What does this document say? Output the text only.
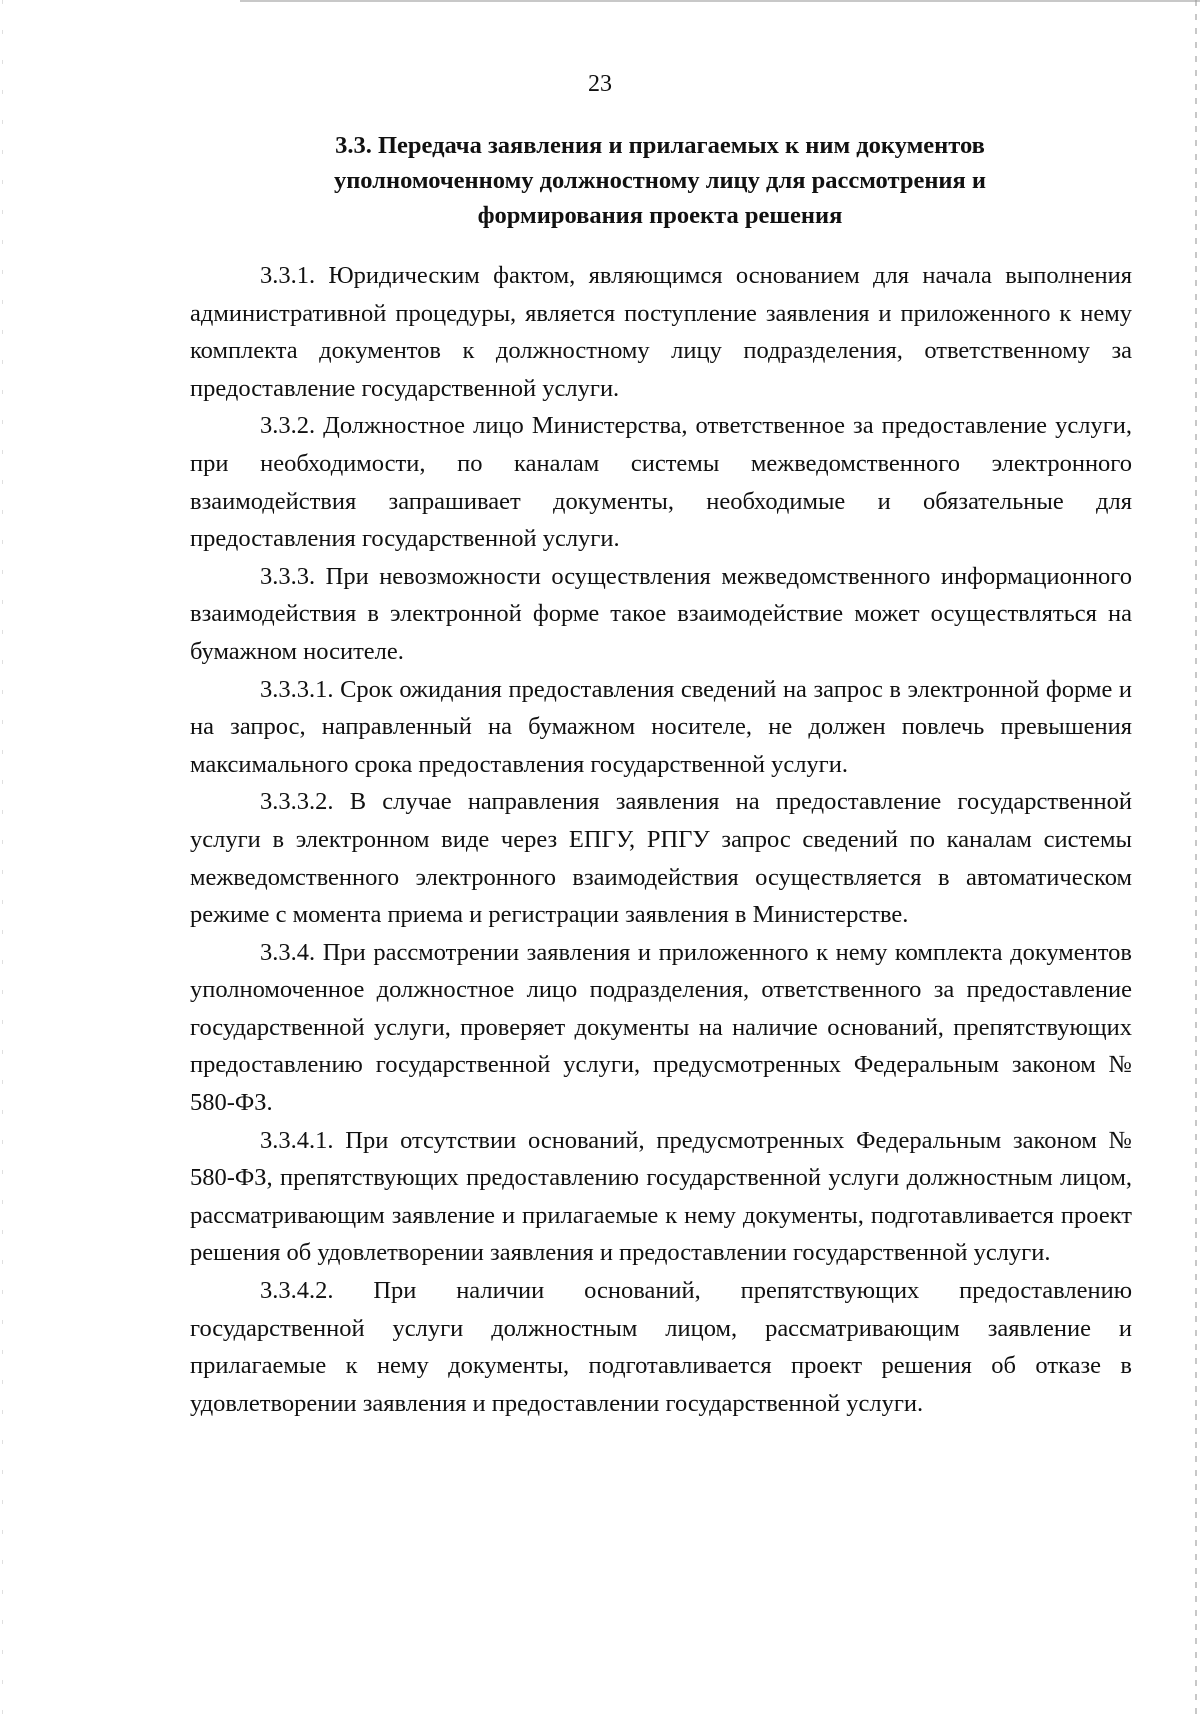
23
3.3. Передача заявления и прилагаемых к ним документов
уполномоченному должностному лицу для рассмотрения и
формирования проекта решения

3.3.1. Юридическим фактом, являющимся основанием для начала выполнения административной процедуры, является поступление заявления и приложенного к нему комплекта документов к должностному лицу подразделения, ответственному за предоставление государственной услуги.

3.3.2. Должностное лицо Министерства, ответственное за предоставление услуги, при необходимости, по каналам системы межведомственного электронного взаимодействия запрашивает документы, необходимые и обязательные для предоставления государственной услуги.

3.3.3. При невозможности осуществления межведомственного информационного взаимодействия в электронной форме такое взаимодействие может осуществляться на бумажном носителе.

3.3.3.1. Срок ожидания предоставления сведений на запрос в электронной форме и на запрос, направленный на бумажном носителе, не должен повлечь превышения максимального срока предоставления государственной услуги.

3.3.3.2. В случае направления заявления на предоставление государственной услуги в электронном виде через ЕПГУ, РПГУ запрос сведений по каналам системы межведомственного электронного взаимодействия осуществляется в автоматическом режиме с момента приема и регистрации заявления в Министерстве.

3.3.4. При рассмотрении заявления и приложенного к нему комплекта документов уполномоченное должностное лицо подразделения, ответственного за предоставление государственной услуги, проверяет документы на наличие оснований, препятствующих предоставлению государственной услуги, предусмотренных Федеральным законом № 580-ФЗ.

3.3.4.1. При отсутствии оснований, предусмотренных Федеральным законом № 580-ФЗ, препятствующих предоставлению государственной услуги должностным лицом, рассматривающим заявление и прилагаемые к нему документы, подготавливается проект решения об удовлетворении заявления и предоставлении государственной услуги.

3.3.4.2. При наличии оснований, препятствующих предоставлению государственной услуги должностным лицом, рассматривающим заявление и прилагаемые к нему документы, подготавливается проект решения об отказе в удовлетворении заявления и предоставлении государственной услуги.
